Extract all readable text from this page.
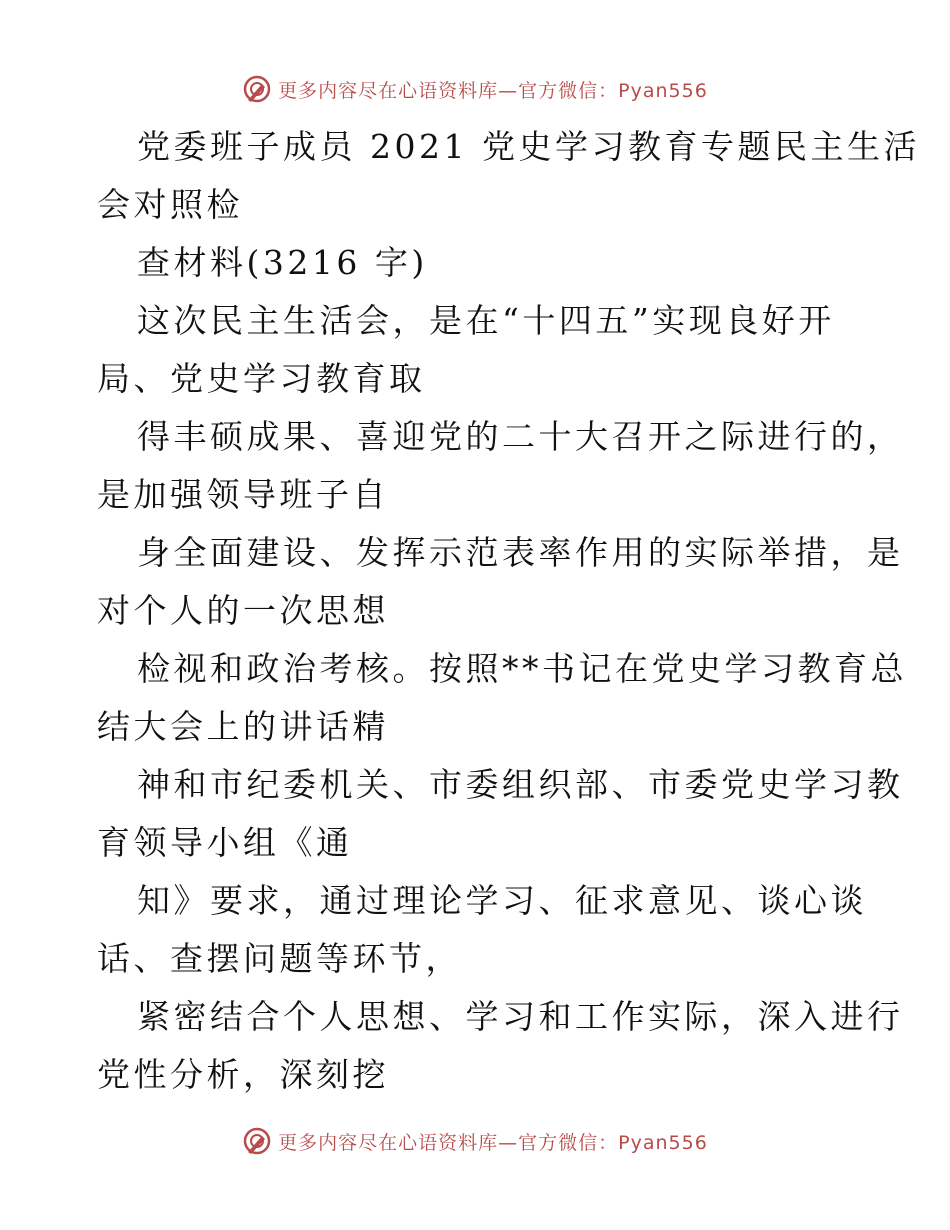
更多内容尽在心语资料库—官方微信：Pyan556
党委班子成员 2021 党史学习教育专题民主生活
会对照检
查材料(3216 字)
这次民主生活会，是在“十四五”实现良好开
局、党史学习教育取
得丰硕成果、喜迎党的二十大召开之际进行的，
是加强领导班子自
身全面建设、发挥示范表率作用的实际举措，是
对个人的一次思想
检视和政治考核。按照**书记在党史学习教育总
结大会上的讲话精
神和市纪委机关、市委组织部、市委党史学习教
育领导小组《通
知》要求，通过理论学习、征求意见、谈心谈
话、查摆问题等环节，
紧密结合个人思想、学习和工作实际，深入进行
党性分析，深刻挖
更多内容尽在心语资料库—官方微信：Pyan556
